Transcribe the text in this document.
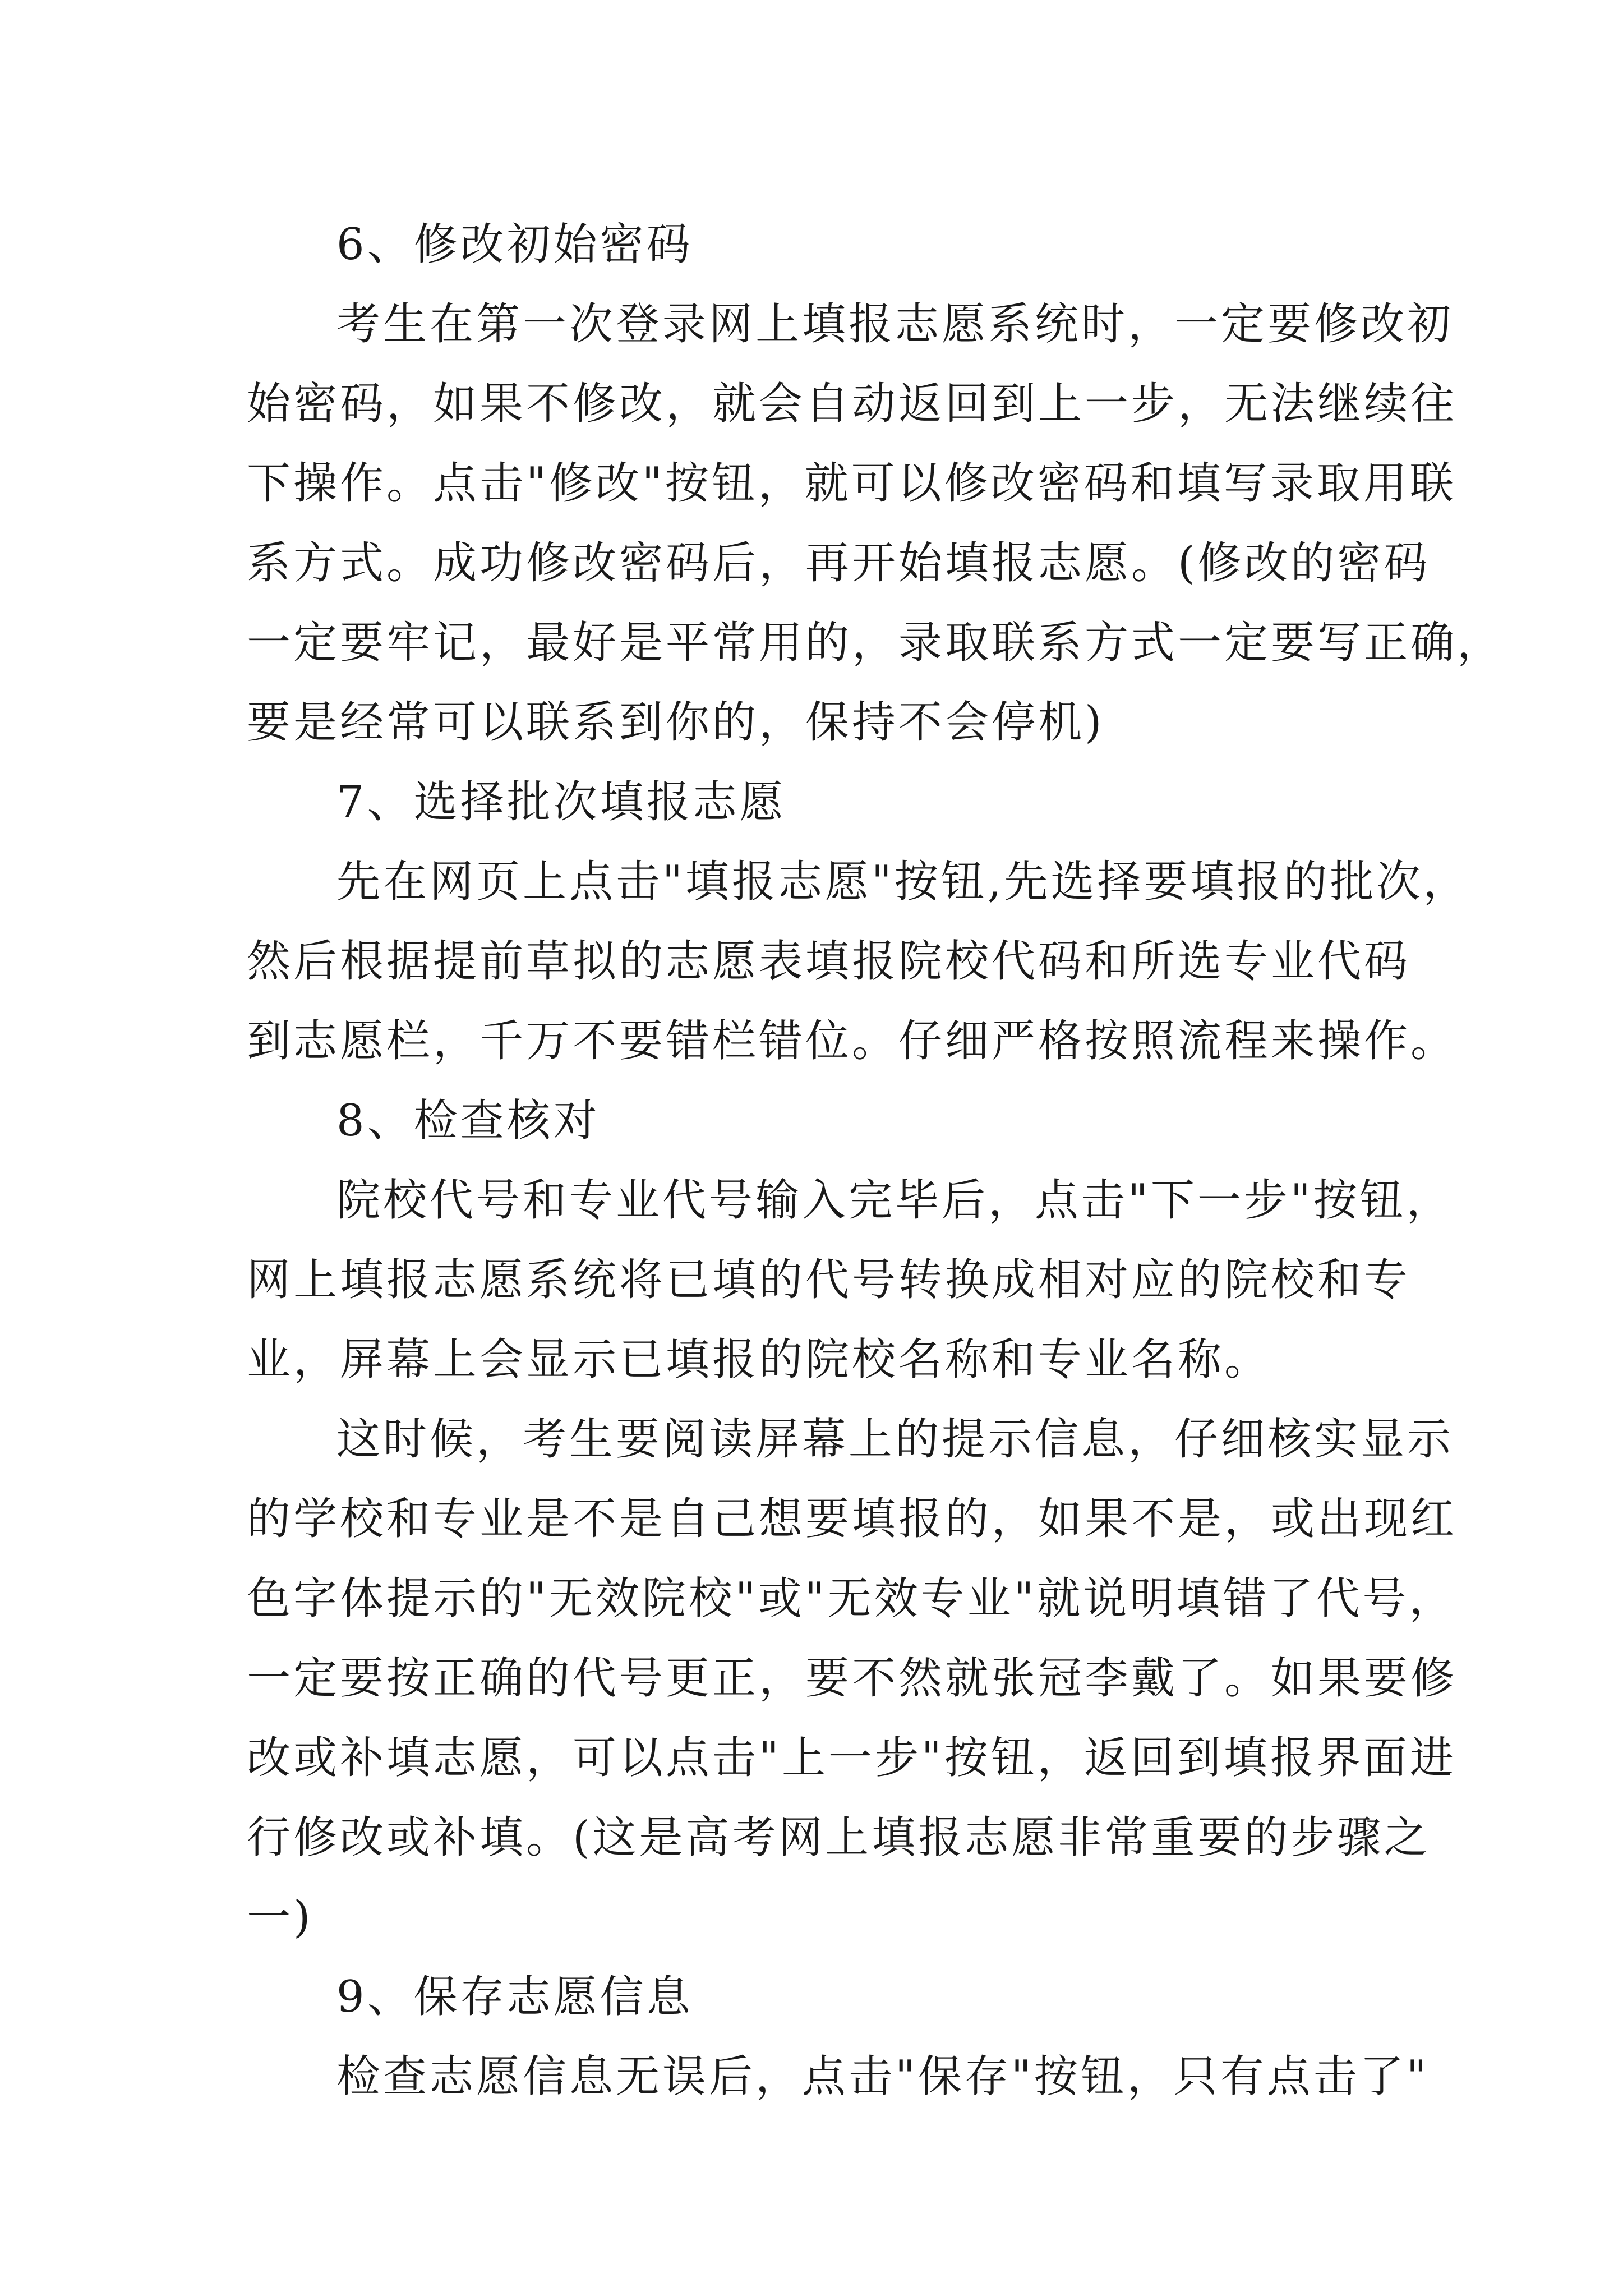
6、修改初始密码
考生在第一次登录网上填报志愿系统时，一定要修改初
始密码，如果不修改，就会自动返回到上一步，无法继续往
下操作。点击"修改"按钮，就可以修改密码和填写录取用联
系方式。成功修改密码后，再开始填报志愿。(修改的密码
一定要牢记，最好是平常用的，录取联系方式一定要写正确，
要是经常可以联系到你的，保持不会停机)
7、选择批次填报志愿
先在网页上点击"填报志愿"按钮,先选择要填报的批次，
然后根据提前草拟的志愿表填报院校代码和所选专业代码
到志愿栏，千万不要错栏错位。仔细严格按照流程来操作。
8、检查核对
院校代号和专业代号输入完毕后，点击"下一步"按钮，
网上填报志愿系统将已填的代号转换成相对应的院校和专
业，屏幕上会显示已填报的院校名称和专业名称。
这时候，考生要阅读屏幕上的提示信息，仔细核实显示
的学校和专业是不是自己想要填报的，如果不是，或出现红
色字体提示的"无效院校"或"无效专业"就说明填错了代号，
一定要按正确的代号更正，要不然就张冠李戴了。如果要修
改或补填志愿，可以点击"上一步"按钮，返回到填报界面进
行修改或补填。(这是高考网上填报志愿非常重要的步骤之
一)
9、保存志愿信息
检查志愿信息无误后，点击"保存"按钮，只有点击了"
